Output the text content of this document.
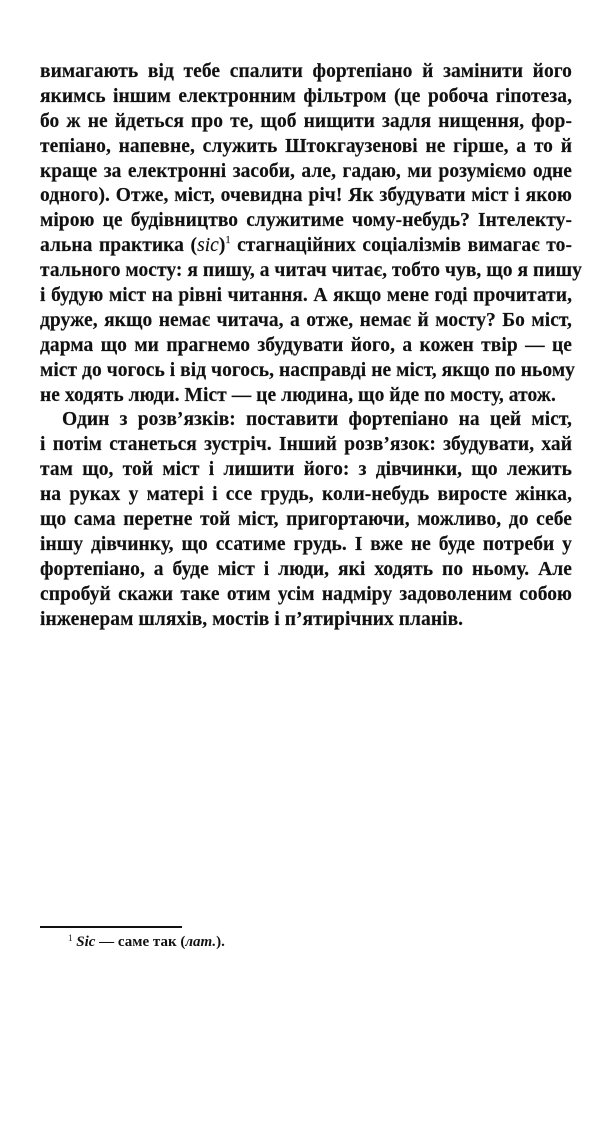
вимагають від тебе спалити фортепіано й замінити його
якимсь іншим електронним фільтром (це робоча гіпотеза,
бо ж не йдеться про те, щоб нищити задля нищення, фор-
тепіано, напевне, служить Штокгаузенові не гірше, а то й
краще за електронні засоби, але, гадаю, ми розуміємо одне
одного). Отже, міст, очевидна річ! Як збудувати міст і якою
мірою це будівництво служитиме чому-небудь? Інтелекту-
альна практика (sic)$^1$ стагнаційних соціалізмів вимагає то-
тального мосту: я пишу, а читач читає, тобто чув, що я пишу
і будую міст на рівні читання. А якщо мене годі прочитати,
друже, якщо немає читача, а отже, немає й мосту? Бо міст,
дарма що ми прагнемо збудувати його, а кожен твір — це
міст до чогось і від чогось, насправді не міст, якщо по ньому
не ходять люди. Міст — це людина, що йде по мосту, атож.
Один з розв’язків: поставити фортепіано на цей міст,
і потім станеться зустріч. Інший розв’язок: збудувати, хай
там що, той міст і лишити його: з дівчинки, що лежить
на руках у матері і ссе грудь, коли-небудь виросте жінка,
що сама перетне той міст, пригортаючи, можливо, до себе
іншу дівчинку, що ссатиме грудь. І вже не буде потреби у
фортепіано, а буде міст і люди, які ходять по ньому. Але
спробуй скажи таке отим усім надміру задоволеним собою
інженерам шляхів, мостів і п’ятирічних планів.
$^1$ Sic — саме так (лат.).
